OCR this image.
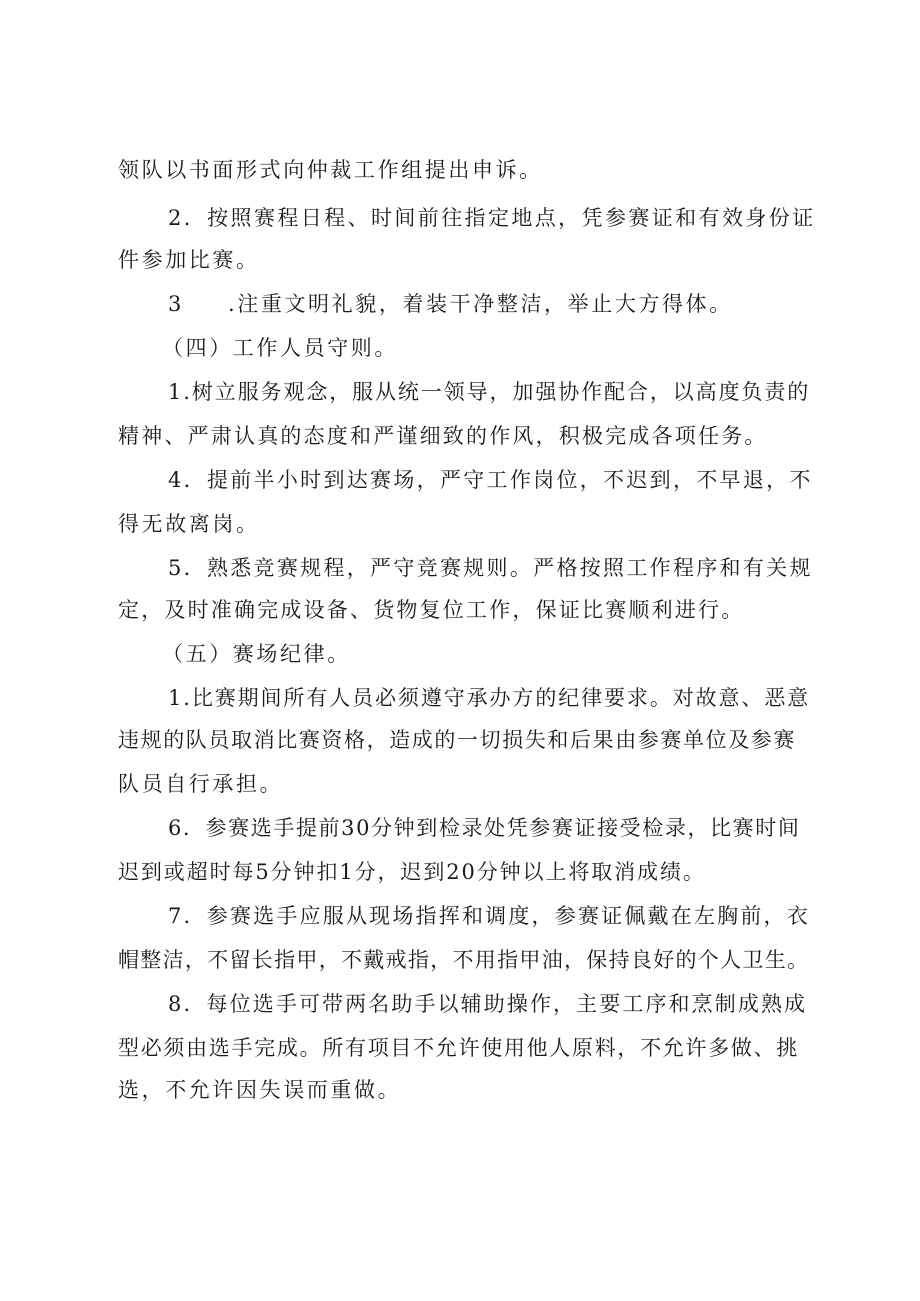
领队以书面形式向仲裁工作组提出申诉。
2．按照赛程日程、时间前往指定地点，凭参赛证和有效身份证
件参加比赛。
3 .注重文明礼貌，着装干净整洁，举止大方得体。
（四）工作人员守则。
1.树立服务观念，服从统一领导，加强协作配合，以高度负责的
精神、严肃认真的态度和严谨细致的作风，积极完成各项任务。
4．提前半小时到达赛场，严守工作岗位，不迟到，不早退，不
得无故离岗。
5．熟悉竞赛规程，严守竞赛规则。严格按照工作程序和有关规
定，及时准确完成设备、货物复位工作，保证比赛顺利进行。
（五）赛场纪律。
1.比赛期间所有人员必须遵守承办方的纪律要求。对故意、恶意
违规的队员取消比赛资格，造成的一切损失和后果由参赛单位及参赛
队员自行承担。
6．参赛选手提前30分钟到检录处凭参赛证接受检录，比赛时间
迟到或超时每5分钟扣1分，迟到20分钟以上将取消成绩。
7．参赛选手应服从现场指挥和调度，参赛证佩戴在左胸前，衣
帽整洁，不留长指甲，不戴戒指，不用指甲油，保持良好的个人卫生。
8．每位选手可带两名助手以辅助操作，主要工序和烹制成熟成
型必须由选手完成。所有项目不允许使用他人原料，不允许多做、挑
选，不允许因失误而重做。
